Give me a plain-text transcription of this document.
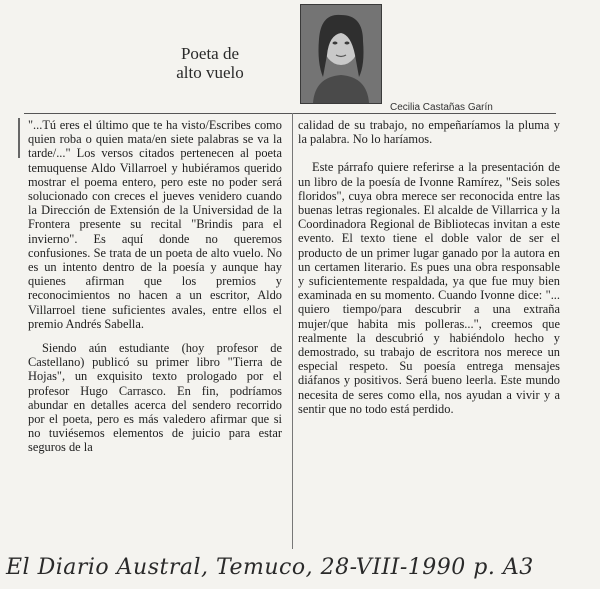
Poeta de
alto vuelo
Cecilia Castañas Garín

"...Tú eres el último que te ha visto/Escribes como quien roba o quien mata/en siete palabras se va la tarde/..." Los versos citados pertenecen al poeta temuquense Aldo Villarroel y hubiéramos querido mostrar el poema entero, pero este no poder será solucionado con creces el jueves venidero cuando la Dirección de Extensión de la Universidad de la Frontera presente su recital "Brindis para el invierno". Es aquí donde no queremos confusiones. Se trata de un poeta de alto vuelo. No es un intento dentro de la poesía y aunque hay quienes afirman que los premios y reconocimientos no hacen a un escritor, Aldo Villarroel tiene suficientes avales, entre ellos el premio Andrés Sabella.

Siendo aún estudiante (hoy profesor de Castellano) publicó su primer libro "Tierra de Hojas", un exquisito texto prologado por el profesor Hugo Carrasco. En fin, podríamos abundar en detalles acerca del sendero recorrido por el poeta, pero es más valedero afirmar que si no tuviésemos elementos de juicio para estar seguros de la

calidad de su trabajo, no empeñaríamos la pluma y la palabra. No lo haríamos.

Este párrafo quiere referirse a la presentación de un libro de la poesía de Ivonne Ramírez, "Seis soles floridos", cuya obra merece ser reconocida entre las buenas letras regionales. El alcalde de Villarrica y la Coordinadora Regional de Bibliotecas invitan a este evento. El texto tiene el doble valor de ser el producto de un primer lugar ganado por la autora en un certamen literario. Es pues una obra responsable y suficientemente respaldada, ya que fue muy bien examinada en su momento. Cuando Ivonne dice: "... quiero tiempo/para descubrir a una extraña mujer/que habita mis polleras...", creemos que realmente la descubrió y habiéndolo hecho y demostrado, su trabajo de escritora nos merece un especial respeto. Su poesía entrega mensajes diáfanos y positivos. Será bueno leerla. Este mundo necesita de seres como ella, nos ayudan a vivir y a sentir que no todo está perdido.

El Diario Austral, Temuco, 28-VIII-1990 p. A3
